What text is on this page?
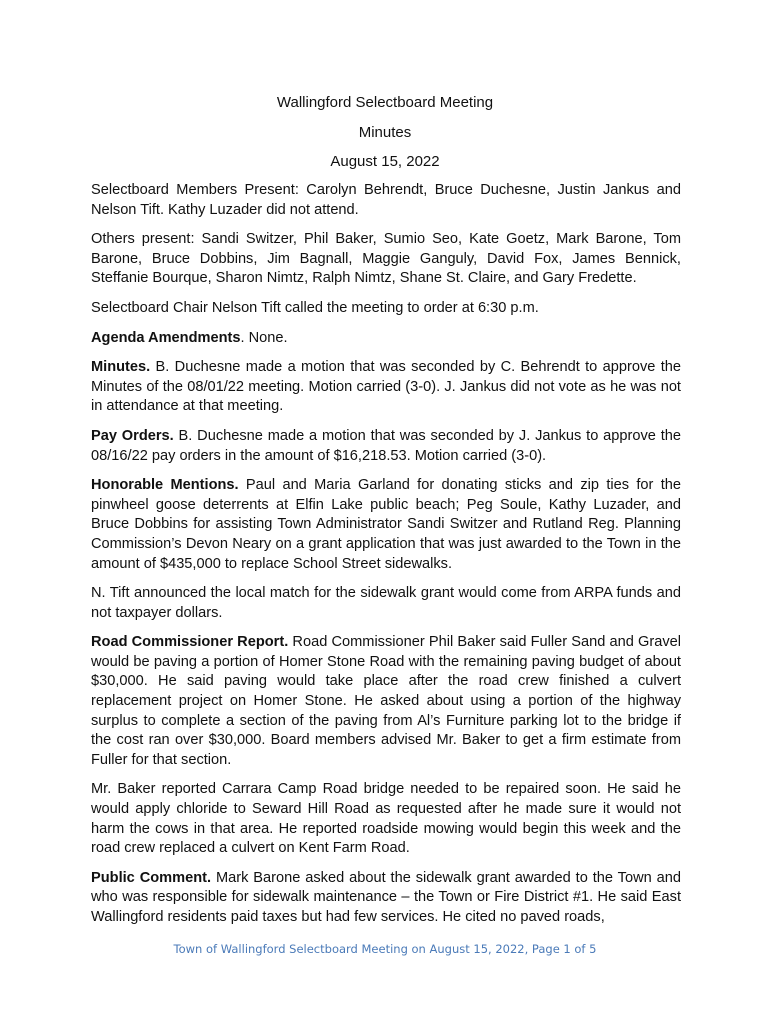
Wallingford Selectboard Meeting
Minutes
August 15, 2022

Selectboard Members Present: Carolyn Behrendt, Bruce Duchesne, Justin Jankus and Nelson Tift. Kathy Luzader did not attend.

Others present: Sandi Switzer, Phil Baker, Sumio Seo, Kate Goetz, Mark Barone, Tom Barone, Bruce Dobbins, Jim Bagnall, Maggie Ganguly, David Fox, James Bennick, Steffanie Bourque, Sharon Nimtz, Ralph Nimtz, Shane St. Claire, and Gary Fredette.

Selectboard Chair Nelson Tift called the meeting to order at 6:30 p.m.

Agenda Amendments. None.

Minutes. B. Duchesne made a motion that was seconded by C. Behrendt to approve the Minutes of the 08/01/22 meeting. Motion carried (3-0). J. Jankus did not vote as he was not in attendance at that meeting.

Pay Orders. B. Duchesne made a motion that was seconded by J. Jankus to approve the 08/16/22 pay orders in the amount of $16,218.53. Motion carried (3-0).

Honorable Mentions. Paul and Maria Garland for donating sticks and zip ties for the pinwheel goose deterrents at Elfin Lake public beach; Peg Soule, Kathy Luzader, and Bruce Dobbins for assisting Town Administrator Sandi Switzer and Rutland Reg. Planning Commission’s Devon Neary on a grant application that was just awarded to the Town in the amount of $435,000 to replace School Street sidewalks.

N. Tift announced the local match for the sidewalk grant would come from ARPA funds and not taxpayer dollars.

Road Commissioner Report. Road Commissioner Phil Baker said Fuller Sand and Gravel would be paving a portion of Homer Stone Road with the remaining paving budget of about $30,000. He said paving would take place after the road crew finished a culvert replacement project on Homer Stone. He asked about using a portion of the highway surplus to complete a section of the paving from Al’s Furniture parking lot to the bridge if the cost ran over $30,000. Board members advised Mr. Baker to get a firm estimate from Fuller for that section.

Mr. Baker reported Carrara Camp Road bridge needed to be repaired soon. He said he would apply chloride to Seward Hill Road as requested after he made sure it would not harm the cows in that area. He reported roadside mowing would begin this week and the road crew replaced a culvert on Kent Farm Road.

Public Comment. Mark Barone asked about the sidewalk grant awarded to the Town and who was responsible for sidewalk maintenance – the Town or Fire District #1. He said East Wallingford residents paid taxes but had few services. He cited no paved roads,

Town of Wallingford Selectboard Meeting on August 15, 2022, Page 1 of 5
